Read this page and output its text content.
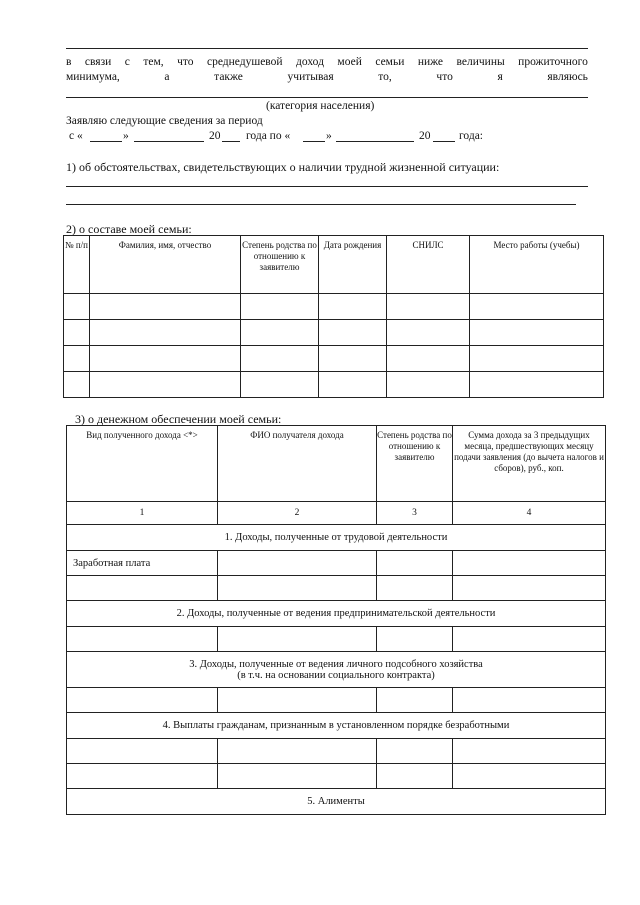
в связи с тем, что среднедушевой доход моей семьи ниже величины прожиточного
минимума,	а	также	учитывая	то,	что	я	являюсь
(категория населения)
Заявляю следующие сведения за период
с «	»	20 года по «	»	20 года:
1) об обстоятельствах, свидетельствующих о наличии трудной жизненной ситуации:
2) о составе моей семьи:
№ п/п	Фамилия, имя, отчество	Степень родства по отношению к заявителю	Дата рождения	СНИЛС	Место работы (учебы)

3) о денежном обеспечении моей семьи:
Вид полученного дохода <*>	ФИО получателя дохода	Степень родства по отношению к заявителю	Сумма дохода за 3 предыдущих месяца, предшествующих месяцу подачи заявления (до вычета налогов и сборов), руб., коп.
1	2	3	4

1. Доходы, полученные от трудовой деятельности			

Заработная плата			

2. Доходы, полученные от ведения предпринимательской деятельности			

3. Доходы, полученные от ведения личного подсобного хозяйства
(в т.ч. на основании социального контракта)			

4. Выплаты гражданам, признанным в установленном порядке безработными			

5. Алименты			
